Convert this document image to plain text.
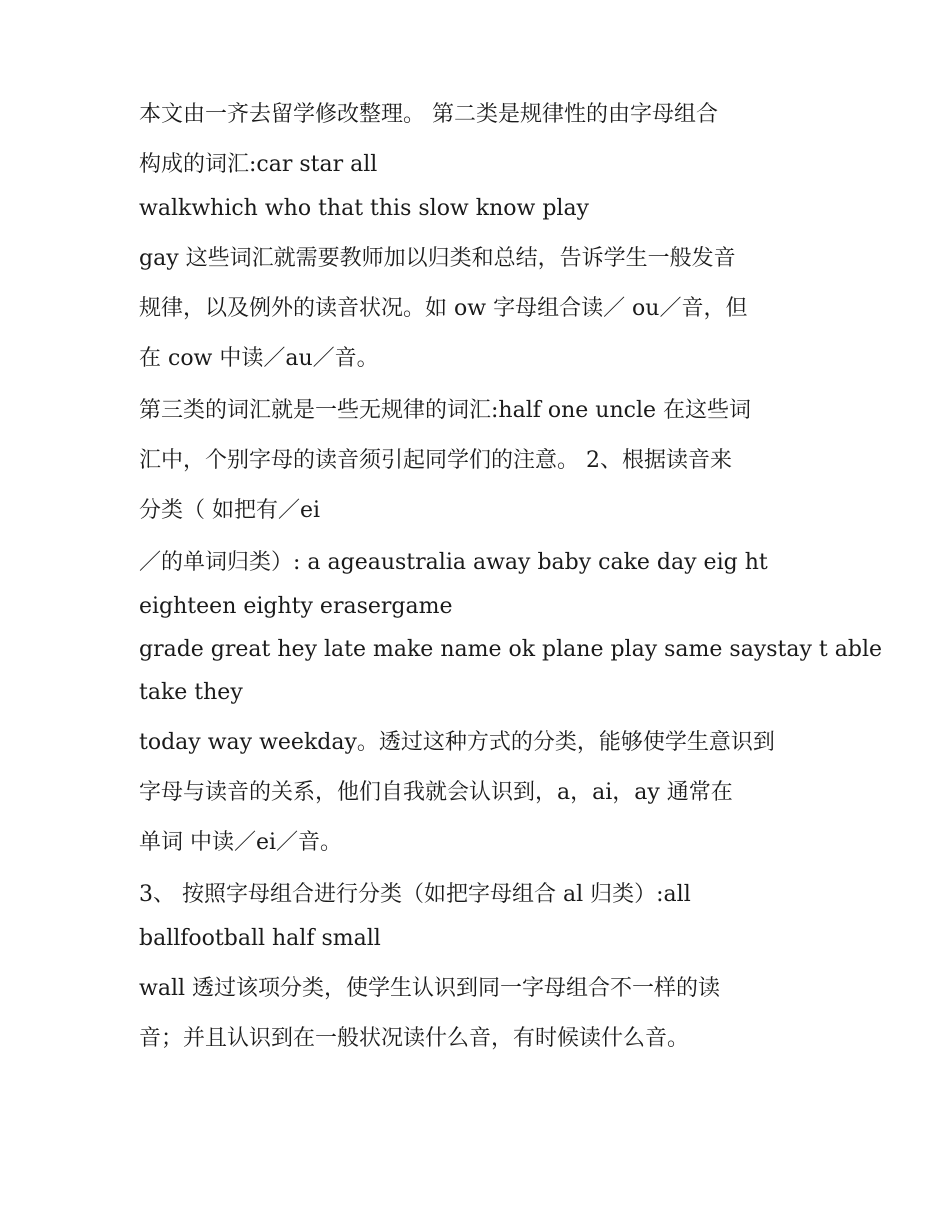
本文由一齐去留学修改整理。 第二类是规律性的由字母组合
构成的词汇:car star all
walkwhich who that this slow know play
gay 这些词汇就需要教师加以归类和总结，告诉学生一般发音
规律，以及例外的读音状况。如 ow 字母组合读／ ou／音，但
在 cow 中读／au／音。
第三类的词汇就是一些无规律的词汇:half one uncle 在这些词
汇中，个别字母的读音须引起同学们的注意。 2、根据读音来
分类（ 如把有／ei
／的单词归类）: a ageaustralia away baby cake day eig ht
eighteen eighty erasergame
grade great hey late make name ok plane play same saystay t able
take they
today way weekday。透过这种方式的分类，能够使学生意识到
字母与读音的关系，他们自我就会认识到，a，ai，ay 通常在
单词 中读／ei／音。
3、 按照字母组合进行分类（如把字母组合 al 归类）:all
ballfootball half small
wall 透过该项分类，使学生认识到同一字母组合不一样的读
音；并且认识到在一般状况读什么音，有时候读什么音。
